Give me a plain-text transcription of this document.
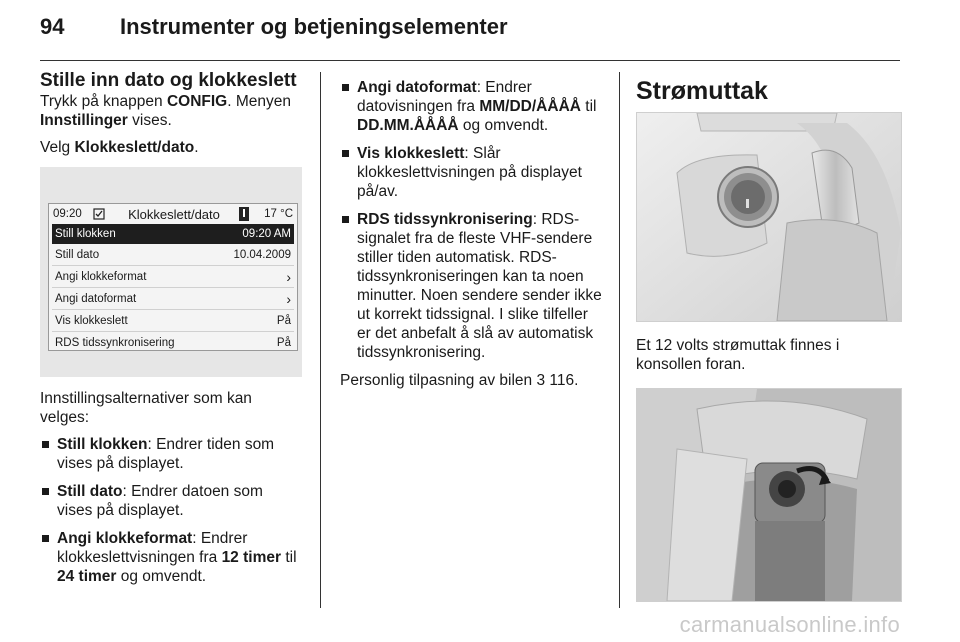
94	Instrumenter og betjeningselementer
Stille inn dato og klokkeslett

Trykk på knappen CONFIG. Menyen Innstillinger vises.

Velg Klokkeslett/dato.

09:20	Klokkeslett/dato	17 °C
Still klokken	09:20 AM
Still dato	10.04.2009
Angi klokkeformat	›
Angi datoformat	›
Vis klokkeslett	På
RDS tidssynkronisering	På

Innstillingsalternativer som kan velges:

Still klokken: Endrer tiden som vises på displayet.
Still dato: Endrer datoen som vises på displayet.
Angi klokkeformat: Endrer klokkeslettvisningen fra 12 timer til 24 timer og omvendt.
Angi datoformat: Endrer datovisningen fra MM/DD/ÅÅÅÅ til DD.MM.ÅÅÅÅ og omvendt.
Vis klokkeslett: Slår klokkeslettvisningen på displayet på/av.
RDS tidssynkronisering: RDS-signalet fra de fleste VHF-sendere stiller tiden automatisk. RDS-tidssynkroniseringen kan ta noen minutter. Noen sendere sender ikke ut korrekt tidssignal. I slike tilfeller er det anbefalt å slå av automatisk tidssynkronisering.

Personlig tilpasning av bilen 3 116.

Strømuttak

Et 12 volts strømuttak finnes i konsollen foran.

carmanualsonline.info
